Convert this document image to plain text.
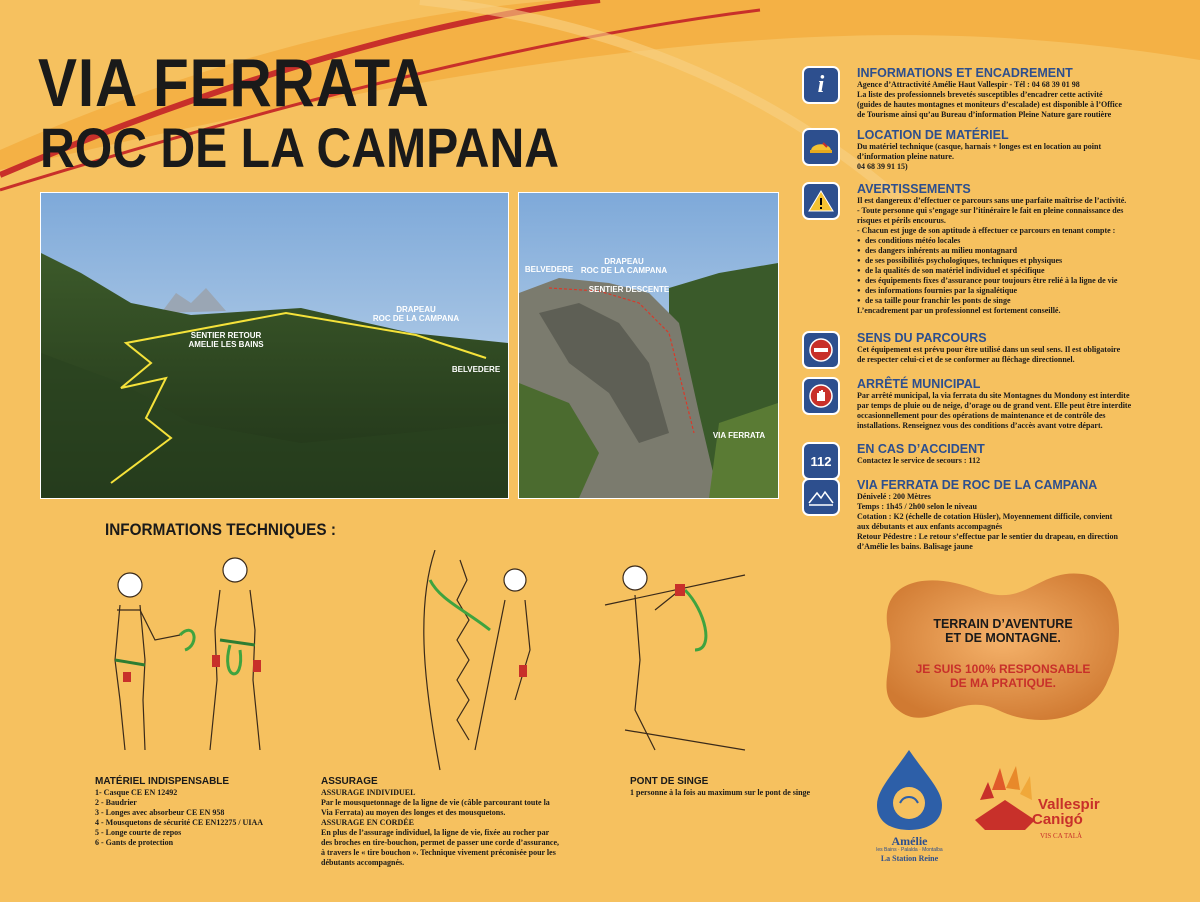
VIA FERRATA
ROC DE LA CAMPANA
DRAPEAU
ROC DE LA CAMPANA
SENTIER RETOUR
AMELIE LES BAINS
BELVEDERE
BELVEDERE
DRAPEAU
ROC DE LA CAMPANA
SENTIER DESCENTE
VIA FERRATA
i	INFORMATIONS ET ENCADREMENT
Agence d’Attractivité Amélie Haut Vallespir - Tél : 04 68 39 01 98
La liste des professionnels brevetés susceptibles d’encadrer cette activité
(guides de hautes montagnes et moniteurs d’escalade) est disponible à l’Office
de Tourisme ainsi qu’au Bureau d’information Pleine Nature gare routière
LOCATION DE MATÉRIEL
Du matériel technique (casque, harnais + longes est en location au point
d’information pleine nature.
04 68 39 91 15)
AVERTISSEMENTS
Il est dangereux d’effectuer ce parcours sans une parfaite maîtrise de l’activité.
- Toute personne qui s’engage sur l’itinéraire le fait en pleine connaissance des
risques et périls encourus.
- Chacun est juge de son aptitude à effectuer ce parcours en tenant compte :
● des conditions météo locales
● des dangers inhérents au milieu montagnard
● de ses possibilités psychologiques, techniques et physiques
● de la qualités de son matériel individuel et spécifique
● des équipements fixes d’assurance pour toujours être relié à la ligne de vie
● des informations fournies par la signalétique
● de sa taille pour franchir les ponts de singe
L’encadrement par un professionnel est fortement conseillé.
SENS DU PARCOURS
Cet équipement est prévu pour être utilisé dans un seul sens. Il est obligatoire
de respecter celui-ci et de se conformer au fléchage directionnel.
ARRÊTÉ MUNICIPAL
Par arrêté municipal, la via ferrata du site Montagnes du Mondony est interdite
par temps de pluie ou de neige, d’orage ou de grand vent. Elle peut être interdite
occasionnellement pour des opérations de maintenance et de contrôle des
installations. Renseignez vous des conditions d’accès avant votre départ.
112
EN CAS D’ACCIDENT
Contactez le service de secours : 112
VIA FERRATA DE ROC DE LA CAMPANA
Dénivelé : 200 Mètres
Temps : 1h45 / 2h00 selon le niveau
Cotation : K2 (échelle de cotation Hüsler), Moyennement difficile, convient
aux débutants et aux enfants accompagnés
Retour Pédestre : Le retour s’effectue par le sentier du drapeau, en direction
d’Amélie les bains. Balisage jaune
INFORMATIONS TECHNIQUES :
MATÉRIEL INDISPENSABLE
1- Casque CE EN 12492
2 - Baudrier
3 - Longes avec absorbeur CE EN 958
4 - Mousquetons de sécurité CE EN12275 / UIAA
5 - Longe courte de repos
6 - Gants de protection
ASSURAGE
ASSURAGE INDIVIDUEL
Par le mousquetonnage de la ligne de vie (câble parcourant toute la
Via Ferrata) au moyen des longes et des mousquetons.
ASSURAGE EN CORDÉE
En plus de l’assurage individuel, la ligne de vie, fixée au rocher par
des broches en tire-bouchon, permet de passer une corde d’assurance,
à travers le « tire bouchon ». Technique vivement préconisée pour les
débutants accompagnés.
PONT DE SINGE
1 personne à la fois au maximum sur le pont de singe
TERRAIN D’AVENTURE
ET DE MONTAGNE.
JE SUIS 100% RESPONSABLE
DE MA PRATIQUE.
Amélie
les Bains · Palalda · Montalba
La Station Reine
Vallespir
Canigó
VIS CA TALÀ
